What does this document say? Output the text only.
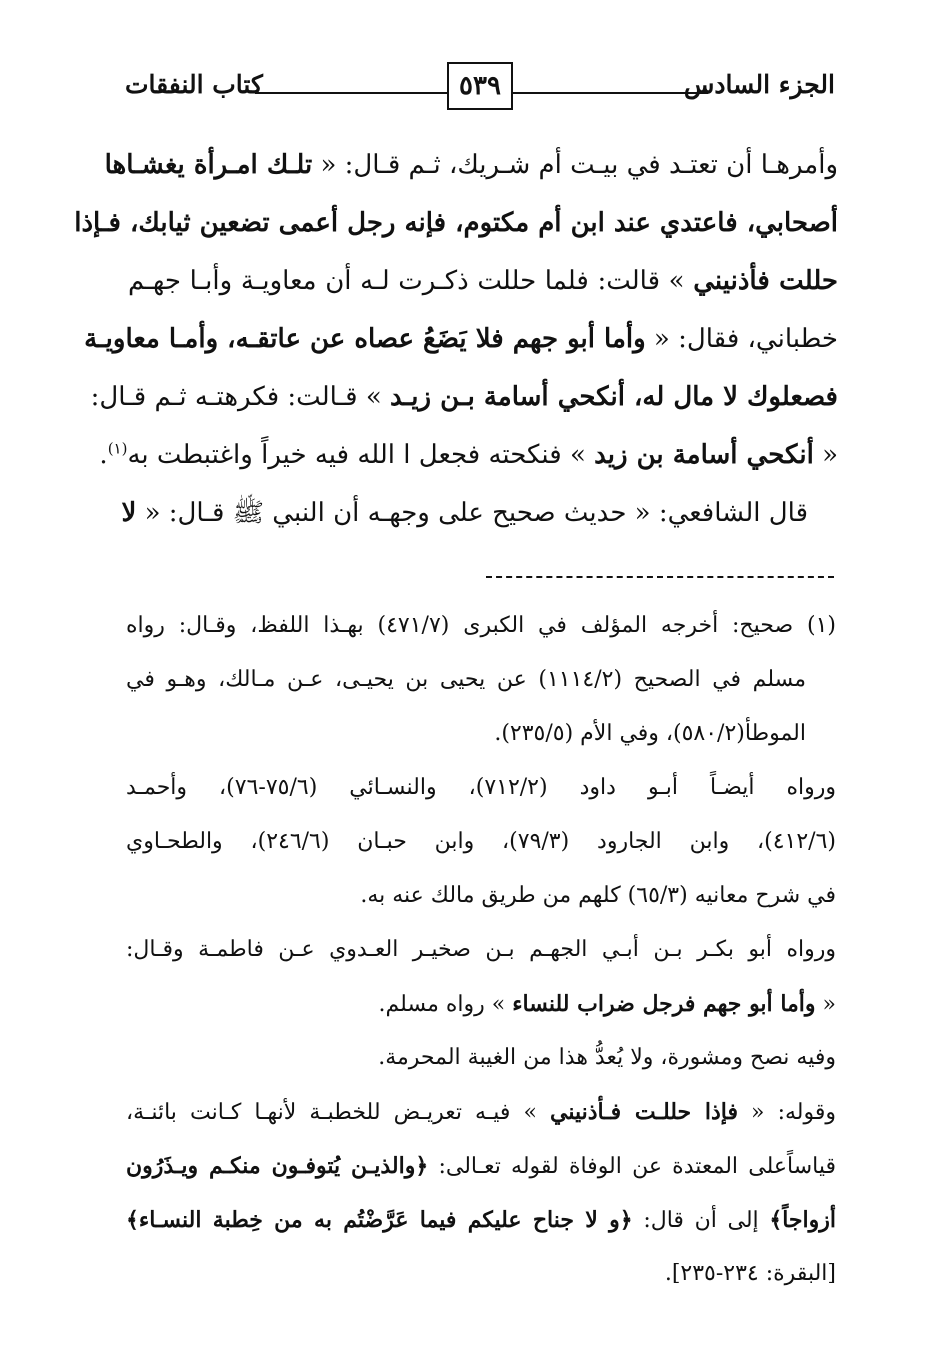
الجزء السادس
٥٣٩
كتاب النفقات
وأمرهـا أن تعتـد في بيـت أم شـريك، ثـم قـال: « تلـك امـرأة يغشـاها
أصحابي، فاعتدي عند ابن أم مكتوم، فإنه رجل أعمى تضعين ثيابك، فـإذا
حللت فأذنيني » قالت: فلما حللت ذكـرت لـه أن معاويـة وأبـا جهـم
خطباني، فقال: « وأما أبو جهم فلا يَضَعُ عصاه عن عاتقـه، وأمـا معاويـة
فصعلوك لا مال له، أنكحي أسامة بـن زيـد » قـالت: فكرهتـه ثـم قـال:
« أنكحي أسامة بن زيد » فنكحته فجعل ا الله فيه خيراً واغتبطت به$^{(١)}$.
قال الشافعي: « حديث صحيح على وجهـه أن النبي ﷺ قـال: « لا
(١) صحيح: أخرجه المؤلف في الكبرى (٤٧١/٧) بهـذا اللفظ، وقـال: رواه
مسلم في الصحيح (١١١٤/٢) عن يحيى بن يحيـى، عـن مـالك، وهـو في
الموطأ(٥٨٠/٢)، وفي الأم (٢٣٥/٥).
ورواه أيضـاً أبـو داود (٧١٢/٢)، والنسـائي (٧٥/٦-٧٦)، وأحمـد
(٤١٢/٦)، وابن الجارود (٧٩/٣)، وابن حبـان (٢٤٦/٦)، والطحـاوي
في شرح معانيه (٦٥/٣) كلهم من طريق مالك عنه به.
ورواه أبو بكـر بـن أبـي الجهـم بـن صخيـر العـدوي عـن فاطمـة وقـال:
« وأما أبو جهم فرجل ضراب للنساء » رواه مسلم.
وفيه نصح ومشورة، ولا يُعدُّ هذا من الغيبة المحرمة.
وقوله: « فإذا حللـت فـأذنيني » فيـه تعريـض للخطبـة لأنهـا كـانت بائنـة،
قياساًعلى المعتدة عن الوفاة لقوله تعـالى: ﴿والذيـن يُتوفـون منكـم ويـذَرُون
أزواجاً﴾ إلى أن قال: ﴿و لا جناح عليكم فيما عَرَّضْتُم به من خِطبة النسـاء﴾
[البقرة: ٢٣٤-٢٣٥].
